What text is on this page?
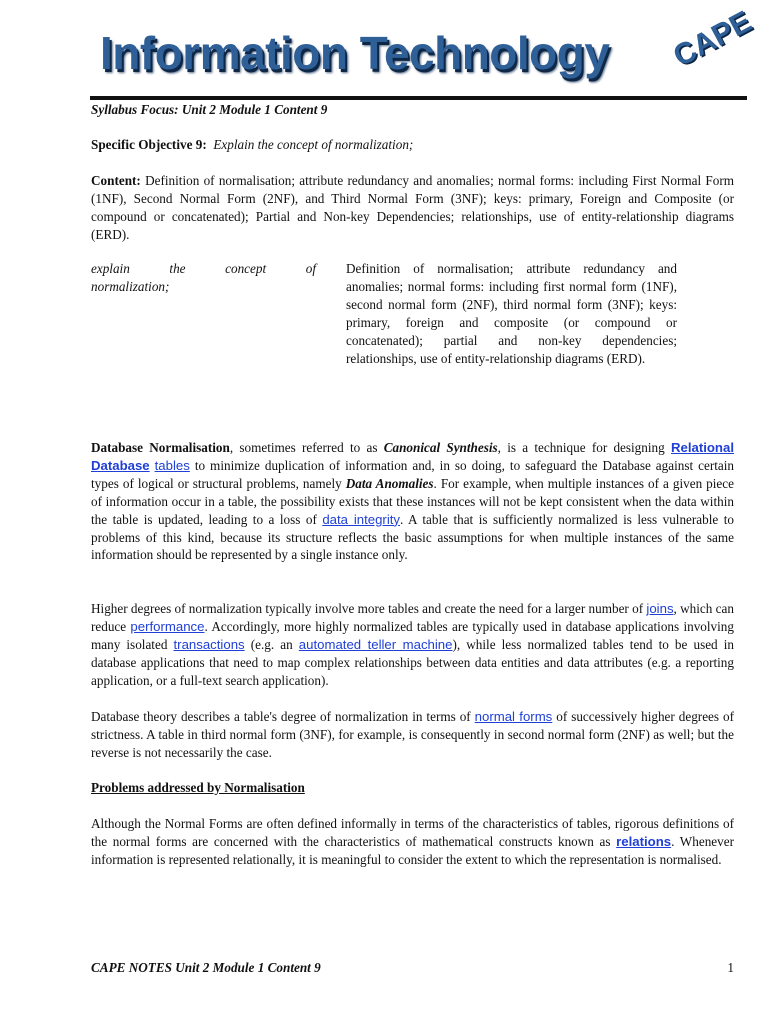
Information Technology CAPE

Syllabus Focus: Unit 2 Module 1 Content 9

Specific Objective 9: Explain the concept of normalization;

Content: Definition of normalisation; attribute redundancy and anomalies; normal forms: including First Normal Form (1NF), Second Normal Form (2NF), and Third Normal Form (3NF); keys: primary, Foreign and Composite (or compound or concatenated); Partial and Non-key Dependencies; relationships, use of entity-relationship diagrams (ERD).

explain the concept of

normalization;
Definition of normalisation; attribute redundancy and anomalies; normal forms: including first normal form (1NF), second normal form (2NF), third normal form (3NF); keys: primary, foreign and composite (or compound or concatenated); partial and non-key dependencies; relationships, use of entity-relationship diagrams (ERD).

Database Normalisation, sometimes referred to as Canonical Synthesis, is a technique for designing Relational Database tables to minimize duplication of information and, in so doing, to safeguard the Database against certain types of logical or structural problems, namely Data Anomalies. For example, when multiple instances of a given piece of information occur in a table, the possibility exists that these instances will not be kept consistent when the data within the table is updated, leading to a loss of data integrity. A table that is sufficiently normalized is less vulnerable to problems of this kind, because its structure reflects the basic assumptions for when multiple instances of the same information should be represented by a single instance only.

Higher degrees of normalization typically involve more tables and create the need for a larger number of joins, which can reduce performance. Accordingly, more highly normalized tables are typically used in database applications involving many isolated transactions (e.g. an automated teller machine), while less normalized tables tend to be used in database applications that need to map complex relationships between data entities and data attributes (e.g. a reporting application, or a full-text search application).

Database theory describes a table's degree of normalization in terms of normal forms of successively higher degrees of strictness. A table in third normal form (3NF), for example, is consequently in second normal form (2NF) as well; but the reverse is not necessarily the case.

Problems addressed by Normalisation

Although the Normal Forms are often defined informally in terms of the characteristics of tables, rigorous definitions of the normal forms are concerned with the characteristics of mathematical constructs known as relations. Whenever information is represented relationally, it is meaningful to consider the extent to which the representation is normalised.

CAPE NOTES Unit 2 Module 1 Content 9	1
